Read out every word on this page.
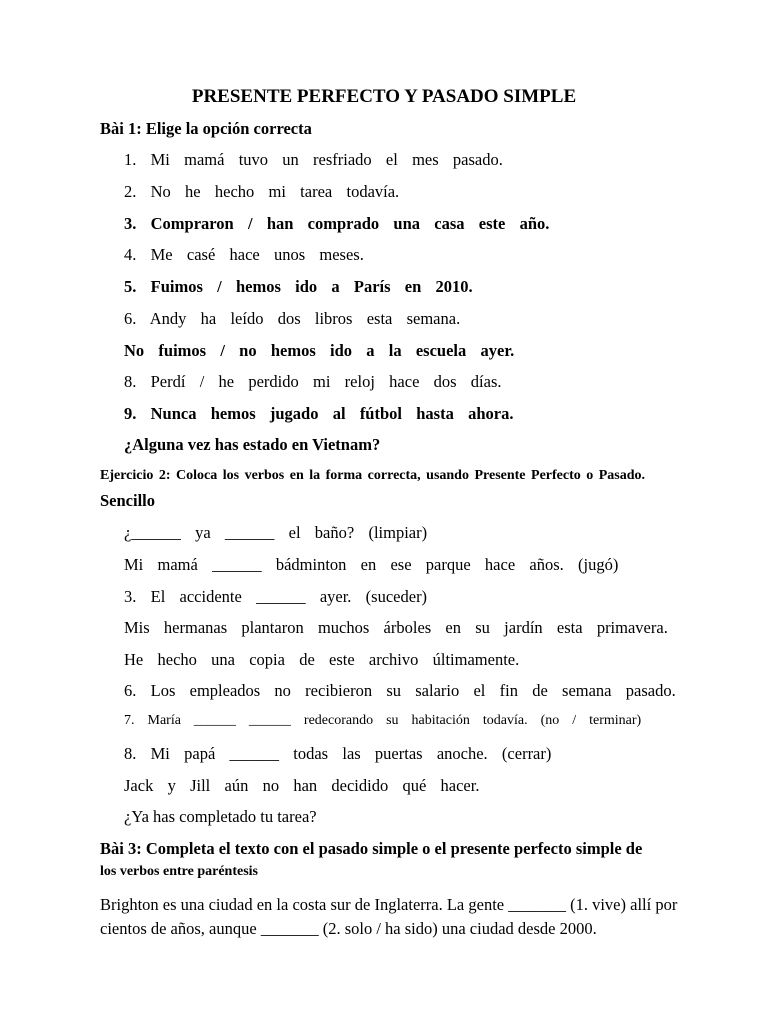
PRESENTE PERFECTO Y PASADO SIMPLE
Bài 1: Elige la opción correcta
1.  Mi  mamá  tuvo  un  resfriado  el  mes  pasado.
2.  No  he  hecho  mi  tarea  todavía.
3.  Compraron  /  han  comprado  una  casa  este  año.
4.  Me  casé  hace  unos  meses.
5.  Fuimos  /  hemos  ido  a  París  en  2010.
6.  Andy  ha  leído  dos  libros  esta  semana.
No  fuimos  /  no  hemos  ido  a  la  escuela  ayer.
8.  Perdí  /  he  perdido  mi  reloj  hace  dos  días.
9.  Nunca  hemos  jugado  al  fútbol  hasta  ahora.
¿Alguna vez has estado en Vietnam?
Ejercicio 2: Coloca los verbos en la forma correcta, usando Presente Perfecto o Pasado.
Sencillo
¿______  ya  ______  el  baño?  (limpiar)
Mi  mamá  ______  bádminton  en  ese  parque  hace  años.  (jugó)
3.  El  accidente  ______  ayer.  (suceder)
Mis  hermanas  plantaron  muchos  árboles  en  su  jardín  esta  primavera.
He  hecho  una  copia  de  este  archivo  últimamente.
6.  Los  empleados  no  recibieron  su  salario  el  fin  de  semana  pasado.
7.  María  ______  ______  redecorando  su  habitación  todavía.  (no  /  terminar)
8.  Mi  papá  ______  todas  las  puertas  anoche.  (cerrar)
Jack  y  Jill  aún  no  han  decidido  qué  hacer.
¿Ya has completado tu tarea?
Bài 3: Completa el texto con el pasado simple o el presente perfecto simple de
los verbos entre paréntesis
Brighton es una ciudad en la costa sur de Inglaterra. La gente _______ (1. vive) allí por
cientos de años, aunque _______ (2. solo / ha sido) una ciudad desde 2000.
